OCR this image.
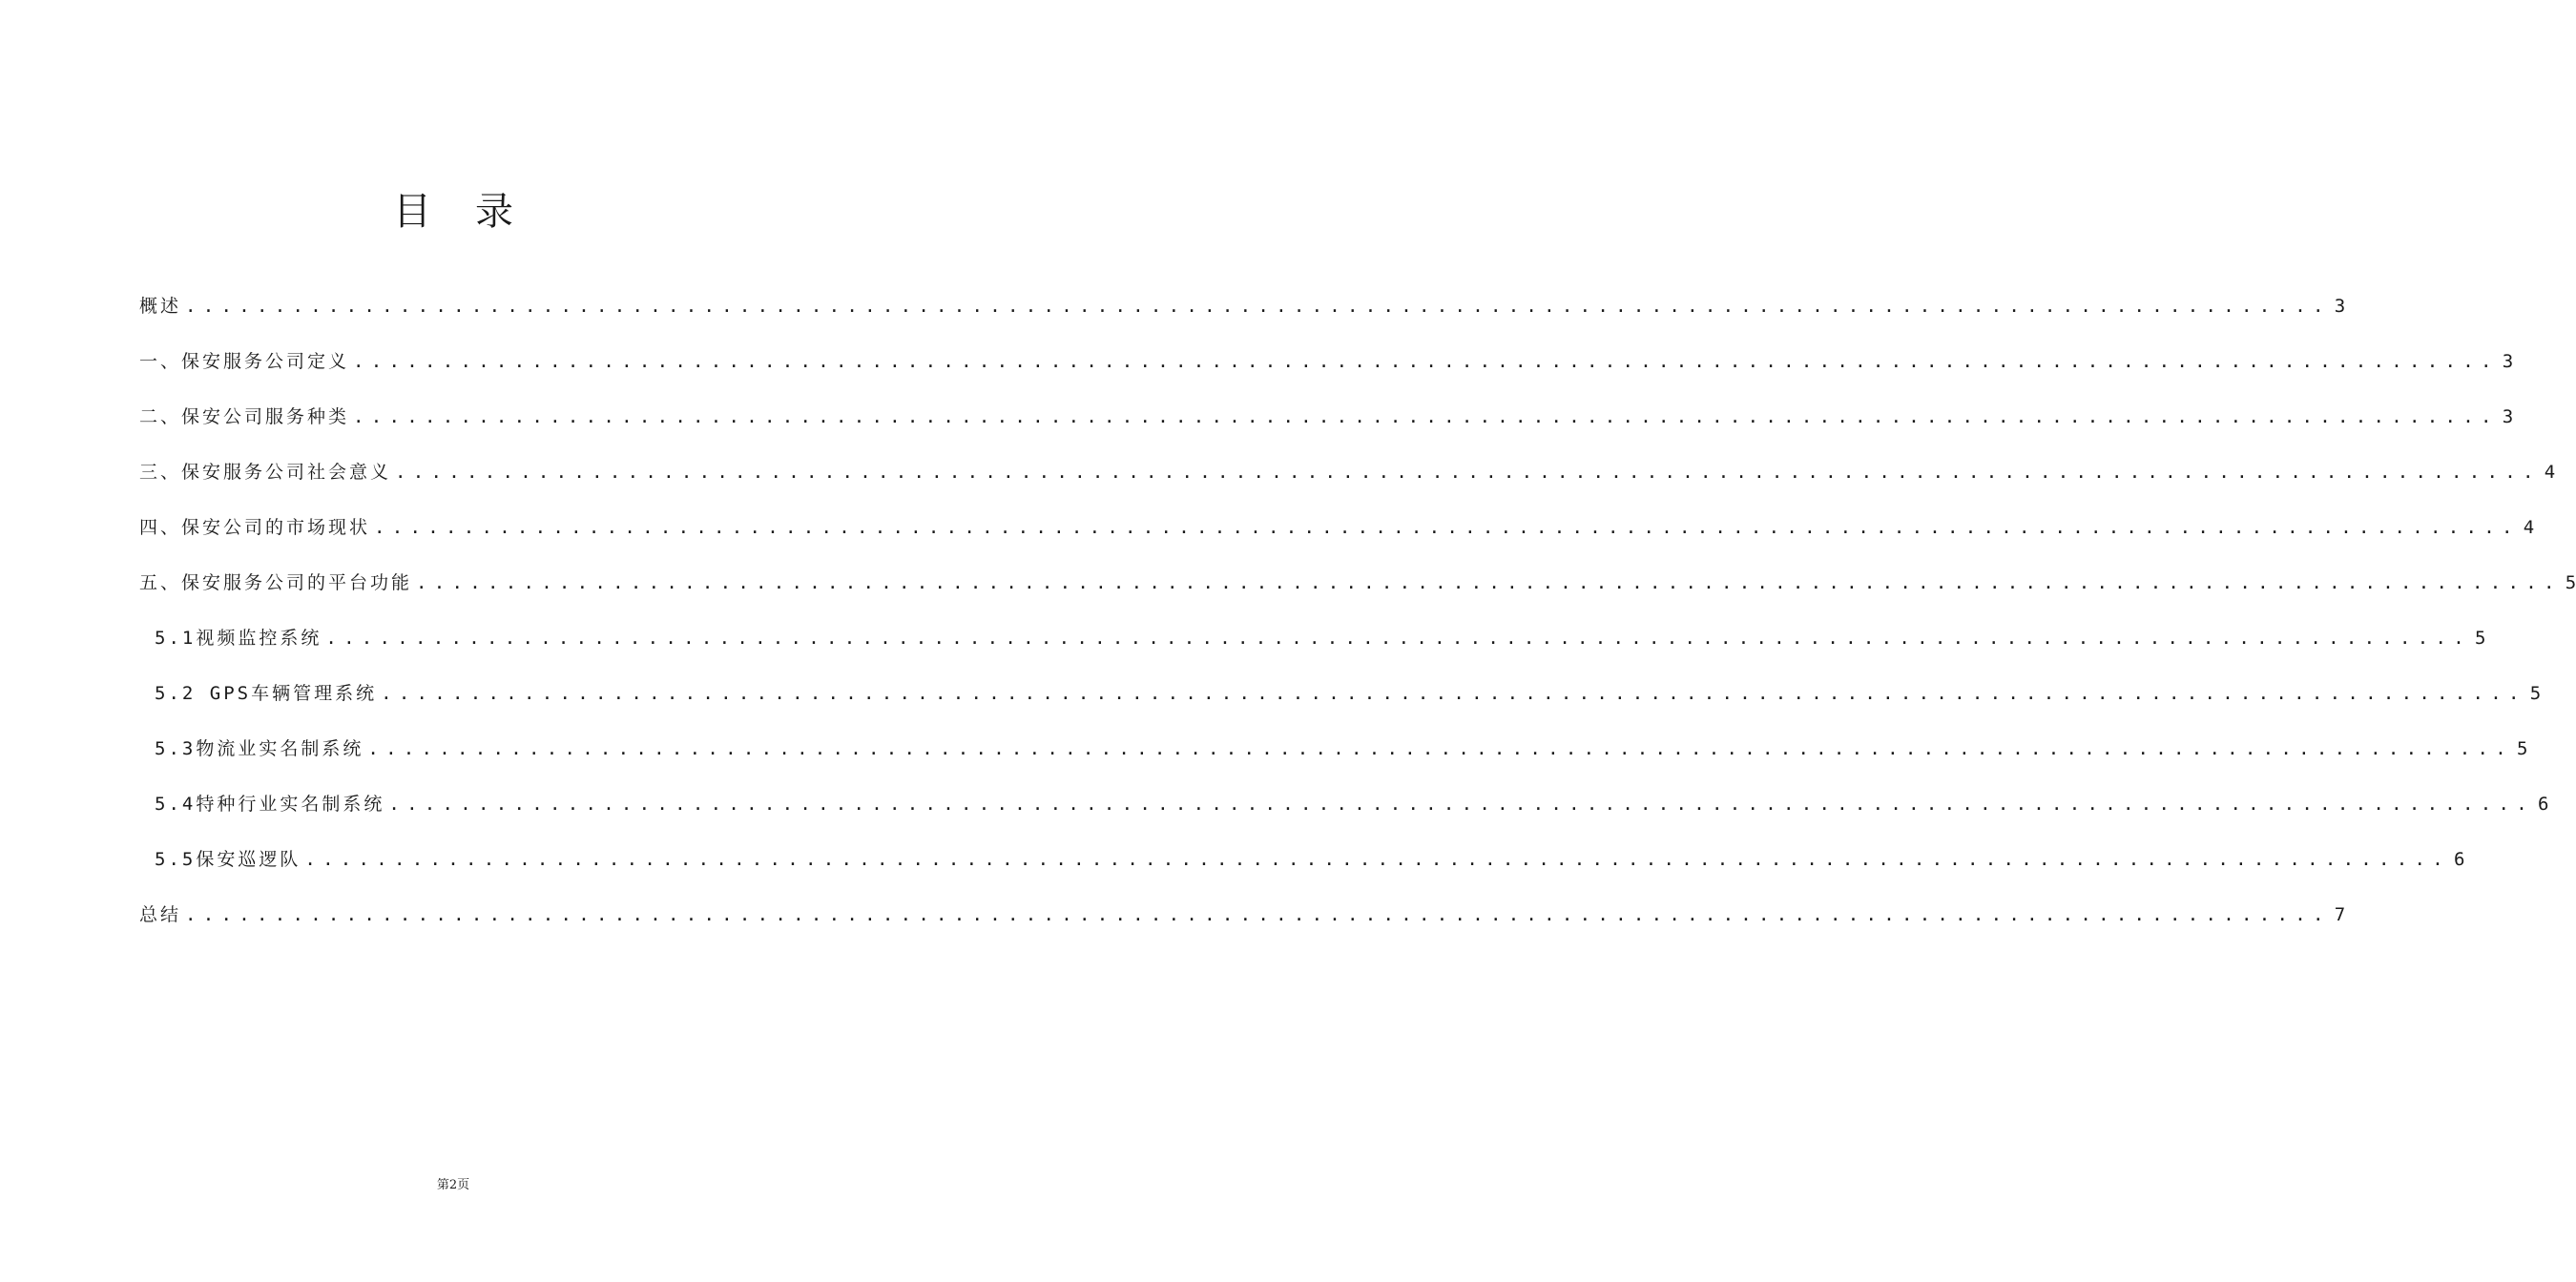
目 录
概述 ........................................................................................................................ 3
一、保安服务公司定义 ........................................................................................................................ 3
二、保安公司服务种类 ........................................................................................................................ 3
三、保安服务公司社会意义 ........................................................................................................................ 4
四、保安公司的市场现状 ........................................................................................................................ 4
五、保安服务公司的平台功能 ........................................................................................................................ 5
5.1视频监控系统 ........................................................................................................................ 5
5.2 GPS车辆管理系统 ........................................................................................................................ 5
5.3物流业实名制系统 ........................................................................................................................ 5
5.4特种行业实名制系统 ........................................................................................................................ 6
5.5保安巡逻队 ........................................................................................................................ 6
总结 ........................................................................................................................ 7
第2页
